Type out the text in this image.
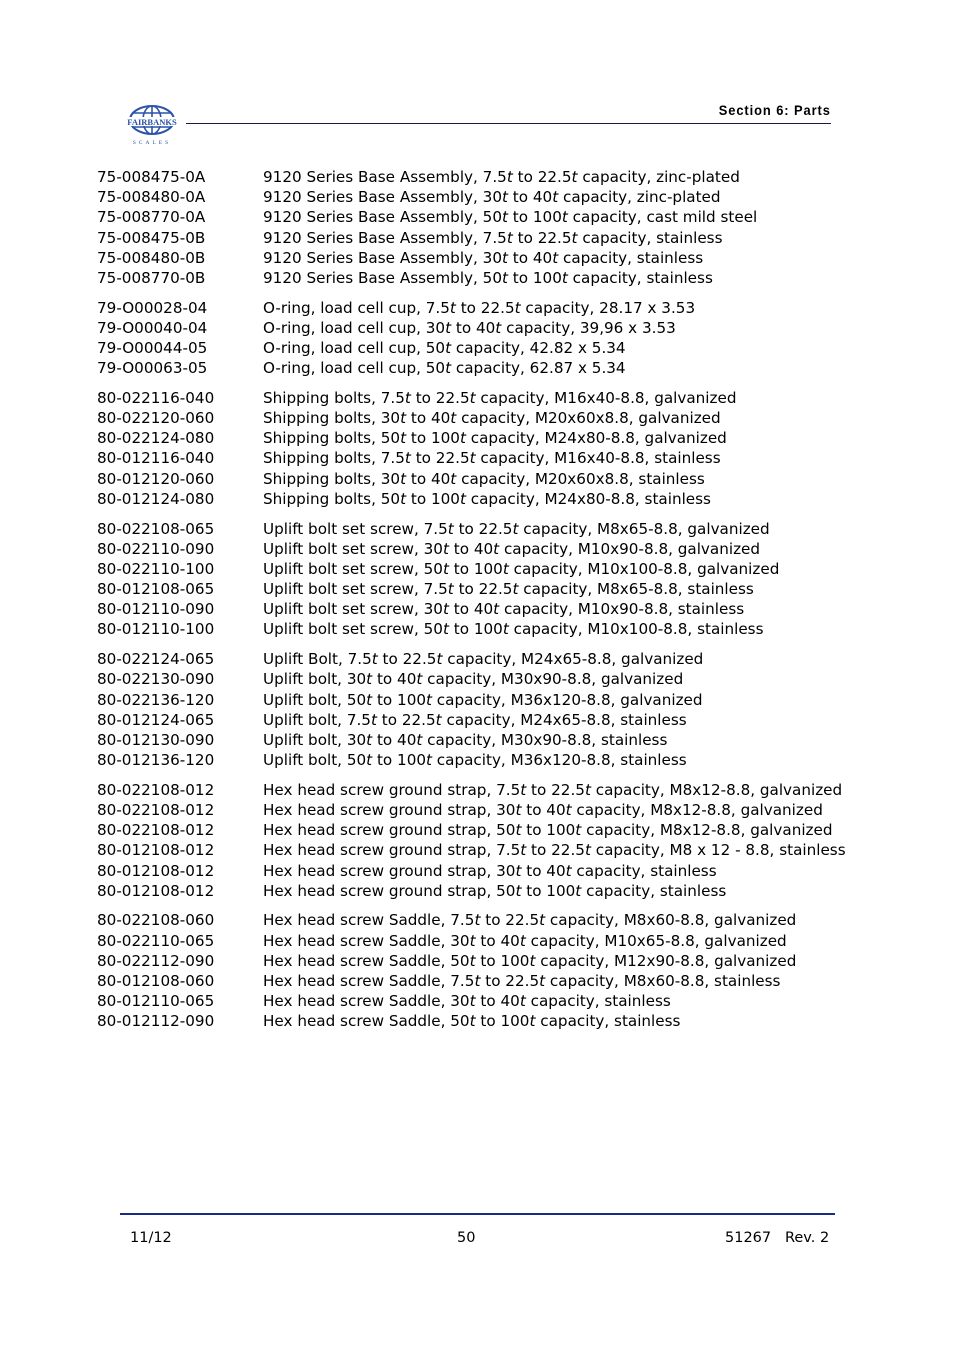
FAIRBANKS
SCALES
Section 6: Parts
75-008475-0A	9120 Series Base Assembly, 7.5t to 22.5t capacity, zinc-plated
75-008480-0A	9120 Series Base Assembly, 30t to 40t capacity, zinc-plated
75-008770-0A	9120 Series Base Assembly, 50t to 100t capacity, cast mild steel
75-008475-0B	9120 Series Base Assembly, 7.5t to 22.5t capacity, stainless
75-008480-0B	9120 Series Base Assembly, 30t to 40t capacity, stainless
75-008770-0B	9120 Series Base Assembly, 50t to 100t capacity, stainless
79-O00028-04	O-ring, load cell cup, 7.5t to 22.5t capacity, 28.17 x 3.53
79-O00040-04	O-ring, load cell cup, 30t to 40t capacity, 39,96 x 3.53
79-O00044-05	O-ring, load cell cup, 50t capacity, 42.82 x 5.34
79-O00063-05	O-ring, load cell cup, 50t capacity, 62.87 x 5.34
80-022116-040	Shipping bolts, 7.5t to 22.5t capacity, M16x40-8.8, galvanized
80-022120-060	Shipping bolts, 30t to 40t capacity, M20x60x8.8, galvanized
80-022124-080	Shipping bolts, 50t to 100t capacity, M24x80-8.8, galvanized
80-012116-040	Shipping bolts, 7.5t to 22.5t capacity, M16x40-8.8, stainless
80-012120-060	Shipping bolts, 30t to 40t capacity, M20x60x8.8, stainless
80-012124-080	Shipping bolts, 50t to 100t capacity, M24x80-8.8, stainless
80-022108-065	Uplift bolt set screw, 7.5t to 22.5t capacity, M8x65-8.8, galvanized
80-022110-090	Uplift bolt set screw, 30t to 40t capacity, M10x90-8.8, galvanized
80-022110-100	Uplift bolt set screw, 50t to 100t capacity, M10x100-8.8, galvanized
80-012108-065	Uplift bolt set screw, 7.5t to 22.5t capacity, M8x65-8.8, stainless
80-012110-090	Uplift bolt set screw, 30t to 40t capacity, M10x90-8.8, stainless
80-012110-100	Uplift bolt set screw, 50t to 100t capacity, M10x100-8.8, stainless
80-022124-065	Uplift Bolt, 7.5t to 22.5t capacity, M24x65-8.8, galvanized
80-022130-090	Uplift bolt, 30t to 40t capacity, M30x90-8.8, galvanized
80-022136-120	Uplift bolt, 50t to 100t capacity, M36x120-8.8, galvanized
80-012124-065	Uplift bolt, 7.5t to 22.5t capacity, M24x65-8.8, stainless
80-012130-090	Uplift bolt, 30t to 40t capacity, M30x90-8.8, stainless
80-012136-120	Uplift bolt, 50t to 100t capacity, M36x120-8.8, stainless
80-022108-012	Hex head screw ground strap, 7.5t to 22.5t capacity, M8x12-8.8, galvanized
80-022108-012	Hex head screw ground strap, 30t to 40t capacity, M8x12-8.8, galvanized
80-022108-012	Hex head screw ground strap, 50t to 100t capacity, M8x12-8.8, galvanized
80-012108-012	Hex head screw ground strap, 7.5t to 22.5t capacity, M8 x 12 - 8.8, stainless
80-012108-012	Hex head screw ground strap, 30t to 40t capacity, stainless
80-012108-012	Hex head screw ground strap, 50t to 100t capacity, stainless
80-022108-060	Hex head screw Saddle, 7.5t to 22.5t capacity, M8x60-8.8, galvanized
80-022110-065	Hex head screw Saddle, 30t to 40t capacity, M10x65-8.8, galvanized
80-022112-090	Hex head screw Saddle, 50t to 100t capacity, M12x90-8.8, galvanized
80-012108-060	Hex head screw Saddle, 7.5t to 22.5t capacity, M8x60-8.8, stainless
80-012110-065	Hex head screw Saddle, 30t to 40t capacity, stainless
80-012112-090	Hex head screw Saddle, 50t to 100t capacity, stainless
11/12	50	51267   Rev. 2
